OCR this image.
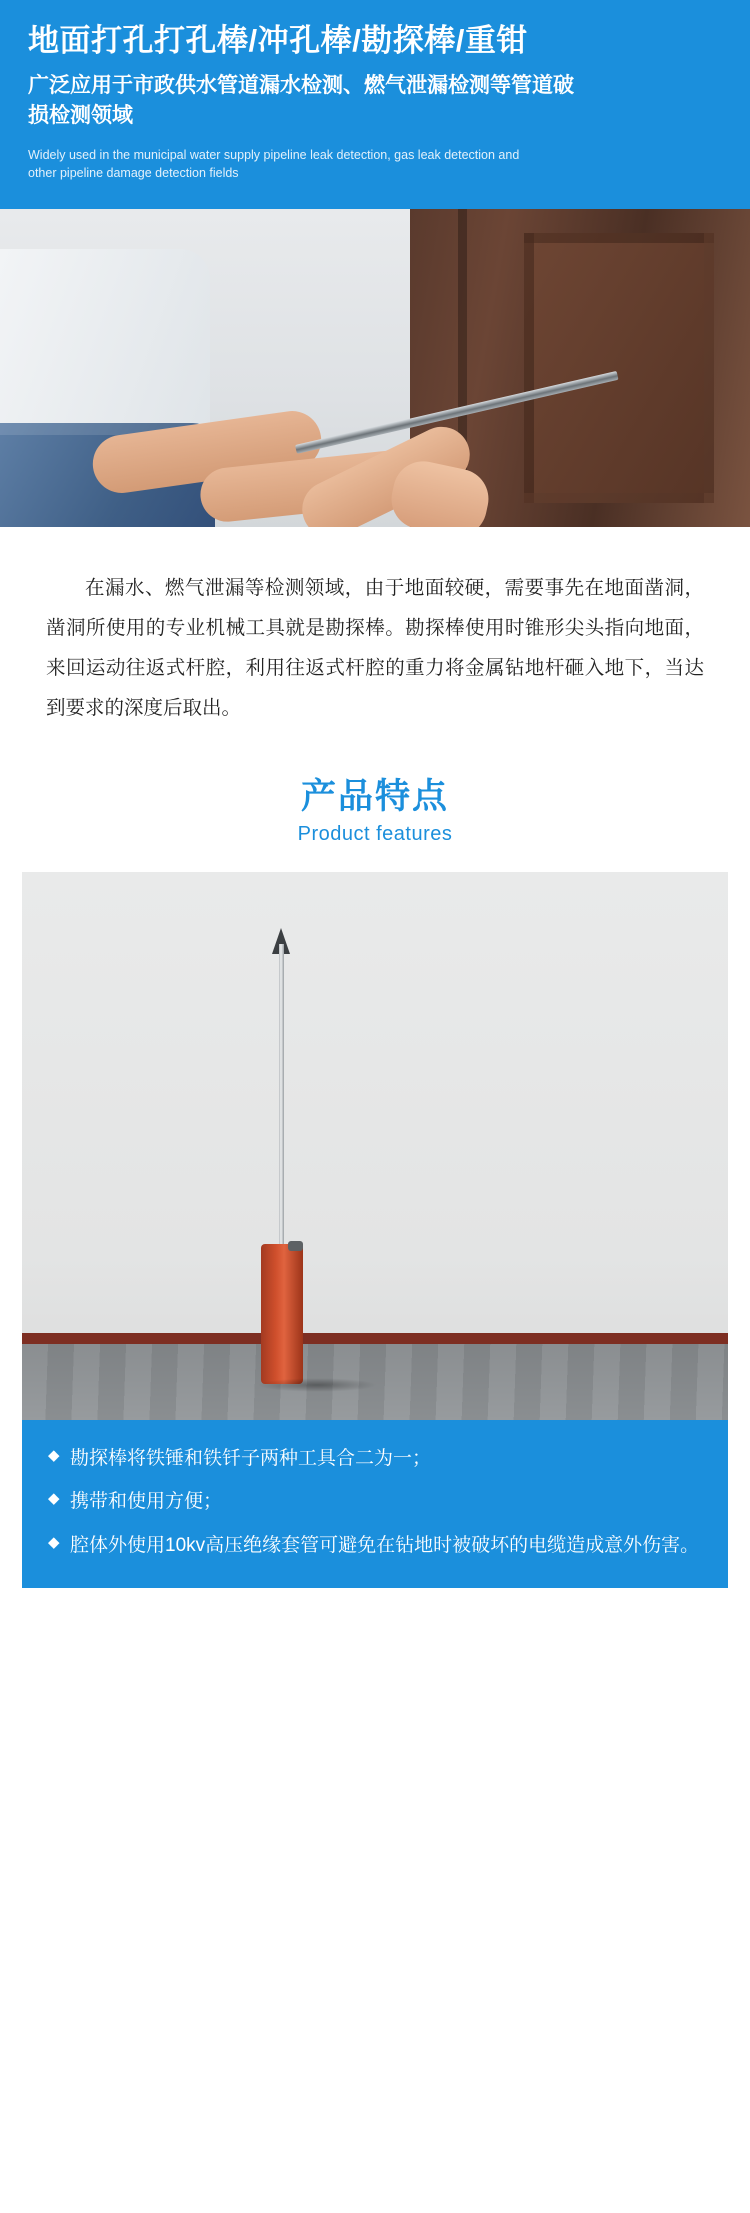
地面打孔打孔棒/冲孔棒/勘探棒/重钳
广泛应用于市政供水管道漏水检测、燃气泄漏检测等管道破损检测领域
Widely used in the municipal water supply pipeline leak detection, gas leak detection and other pipeline damage detection fields
在漏水、燃气泄漏等检测领域，由于地面较硬，需要事先在地面凿洞，凿洞所使用的专业机械工具就是勘探棒。勘探棒使用时锥形尖头指向地面，来回运动往返式杆腔，利用往返式杆腔的重力将金属钻地杆砸入地下，当达到要求的深度后取出。
产品特点
Product features
◆ 勘探棒将铁锤和铁钎子两种工具合二为一；
◆ 携带和使用方便；
◆ 腔体外使用10kv高压绝缘套管可避免在钻地时被破坏的电缆造成意外伤害。
